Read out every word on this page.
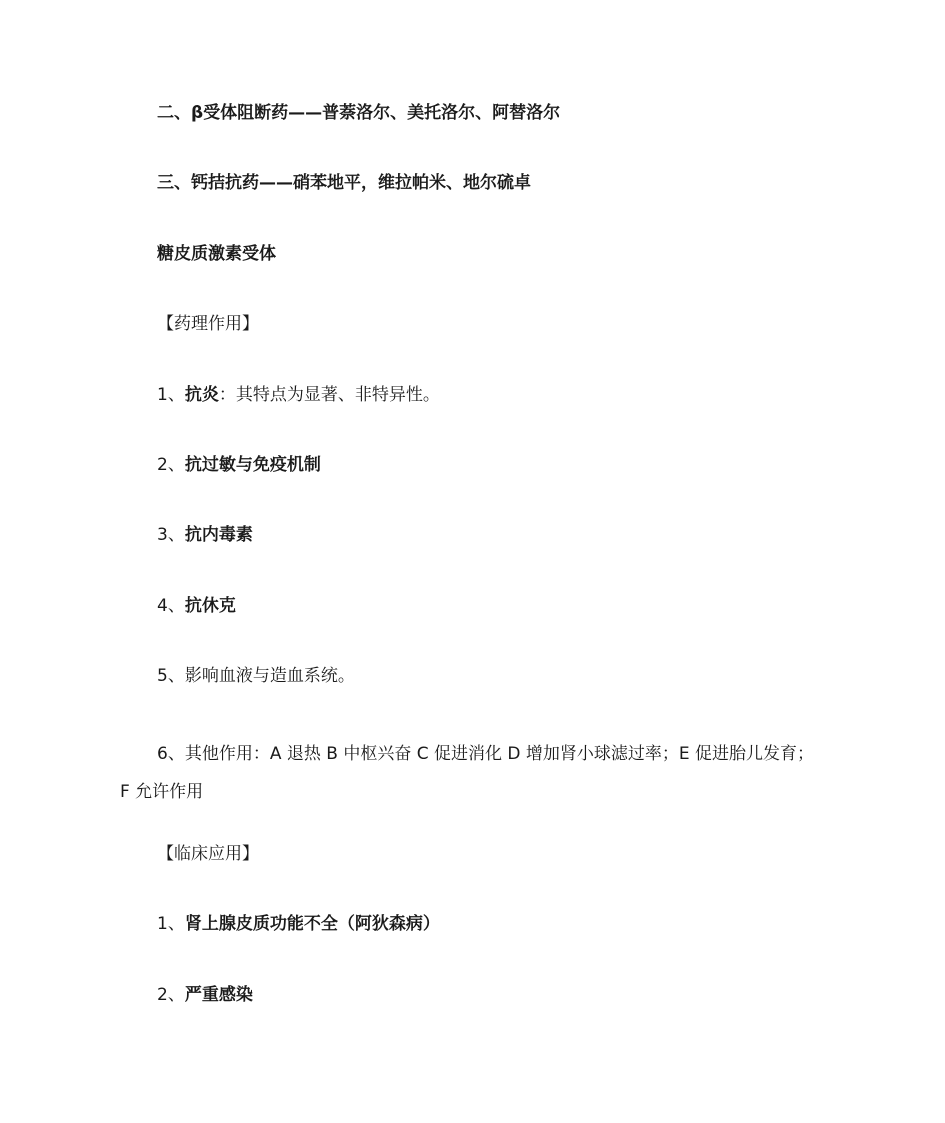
二、β受体阻断药——普萘洛尔、美托洛尔、阿替洛尔
三、钙拮抗药——硝苯地平，维拉帕米、地尔硫卓
糖皮质激素受体
【药理作用】
1、抗炎：其特点为显著、非特异性。
2、抗过敏与免疫机制
3、抗内毒素
4、抗休克
5、影响血液与造血系统。
6、其他作用：A 退热 B 中枢兴奋 C 促进消化 D 增加肾小球滤过率；E 促进胎儿发育；F 允许作用
【临床应用】
1、肾上腺皮质功能不全（阿狄森病）
2、严重感染
